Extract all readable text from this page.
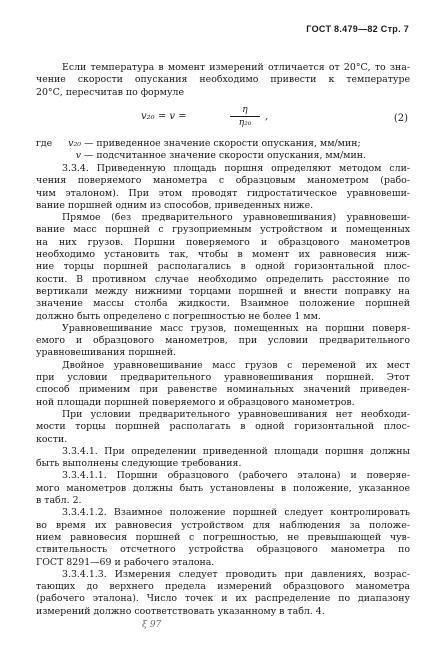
ГОСТ 8.479—82 Стр. 7
Если температура в момент измерений отличается от 20°С, то зна-
чение скорости опускания необходимо привести к температуре
20°С, пересчитав по формуле
v₂₀ = v =
η
η₂₀
,	(2)
где v₂₀ — приведенное значение скорости опускания, мм/мин;
v — подсчитанное значение скорости опускания, мм/мин.
3.3.4. Приведенную площадь поршня определяют методом сли-
чения поверяемого манометра с образцовым манометром (рабо-
чим эталоном). При этом проводят гидростатическое уравновеши-
вание поршней одним из способов, приведенных ниже.
Прямое (без предварительного уравновешивания) уравновеши-
вание масс поршней с грузоприемным устройством и помещенных
на них грузов. Поршни поверяемого и образцового манометров
необходимо установить так, чтобы в момент их равновесия ниж-
ние торцы поршней располагались в одной горизонтальной плос-
кости. В противном случае необходимо определить расстояние по
вертикали между нижними торцами поршней и внести поправку на
значение массы столба жидкости. Взаимное положение поршней
должно быть определено с погрешностью не более 1 мм.
Уравновешивание масс грузов, помещенных на поршни поверя-
емого и образцового манометров, при условии предварительного
уравновешивания поршней.
Двойное уравновешивание масс грузов с переменой их мест
при условии предварительного уравновешивания поршней. Этот
способ применим при равенстве номинальных значений приведен-
ной площади поршней поверяемого и образцового манометров.
При условии предварительного уравновешивания нет необходи-
мости торцы поршней располагать в одной горизонтальной плос-
кости.
3.3.4.1. При определении приведенной площади поршня должны
быть выполнены следующие требования.
3.3.4.1.1. Поршни образцового (рабочего эталона) и поверяе-
мого манометров должны быть установлены в положение, указанное
в табл. 2.
3.3.4.1.2. Взаимное положение поршней следует контролировать
во время их равновесия устройством для наблюдения за положе-
нием равновесия поршней с погрешностью, не превышающей чув-
ствительность отсчетного устройства образцового манометра по
ГОСТ 8291—69 и рабочего эталона.
3.3.4.1.3. Измерения следует проводить при давлениях, возрас-
тающих до верхнего предела измерений образцового манометра
(рабочего эталона). Число точек и их распределение по диапазону
измерений должно соответствовать указанному в табл. 4.
ξ 97
